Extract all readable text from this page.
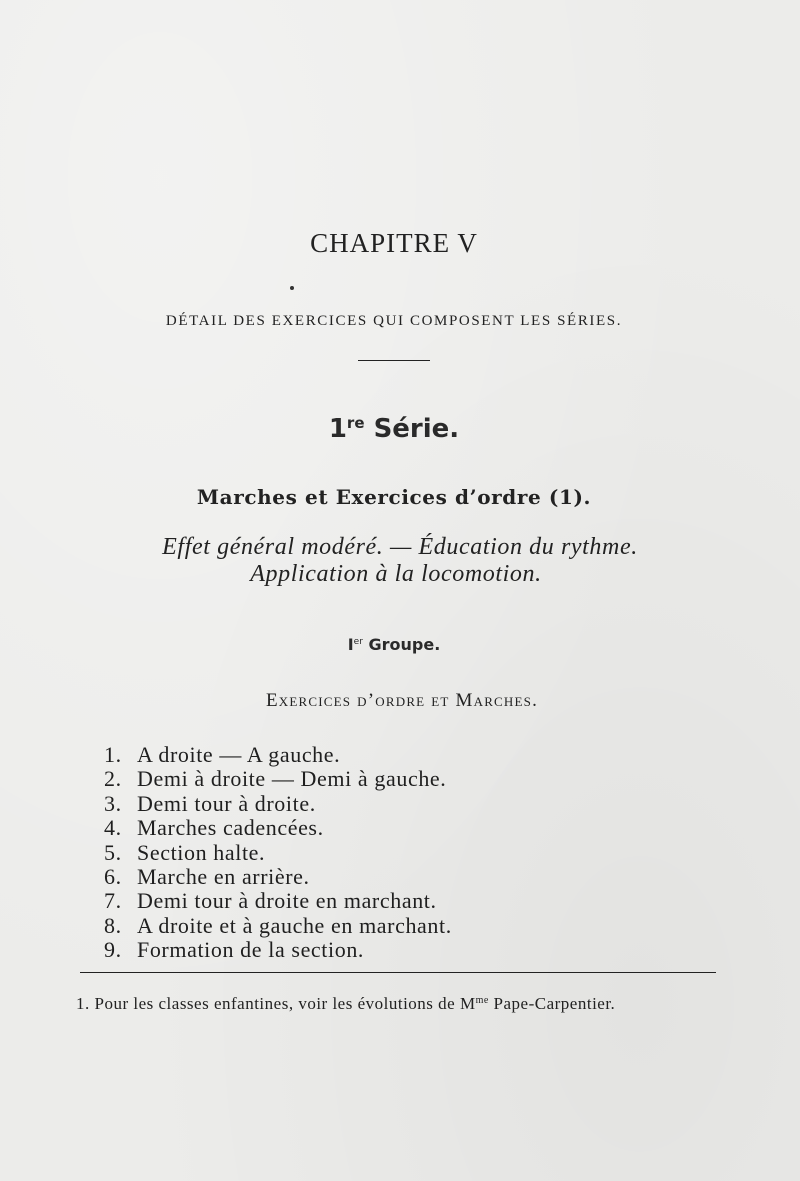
CHAPITRE V
DÉTAIL DES EXERCICES QUI COMPOSENT LES SÉRIES.
1re Série.
Marches et Exercices d’ordre (1).
Effet général modéré. — Éducation du rythme.
Application à la locomotion.
Ier Groupe.
Exercices d’ordre et Marches.
1. A droite — A gauche.
2. Demi à droite — Demi à gauche.
3. Demi tour à droite.
4. Marches cadencées.
5. Section halte.
6. Marche en arrière.
7. Demi tour à droite en marchant.
8. A droite et à gauche en marchant.
9. Formation de la section.
1. Pour les classes enfantines, voir les évolutions de $M^{me}$ Pape-Carpentier.
